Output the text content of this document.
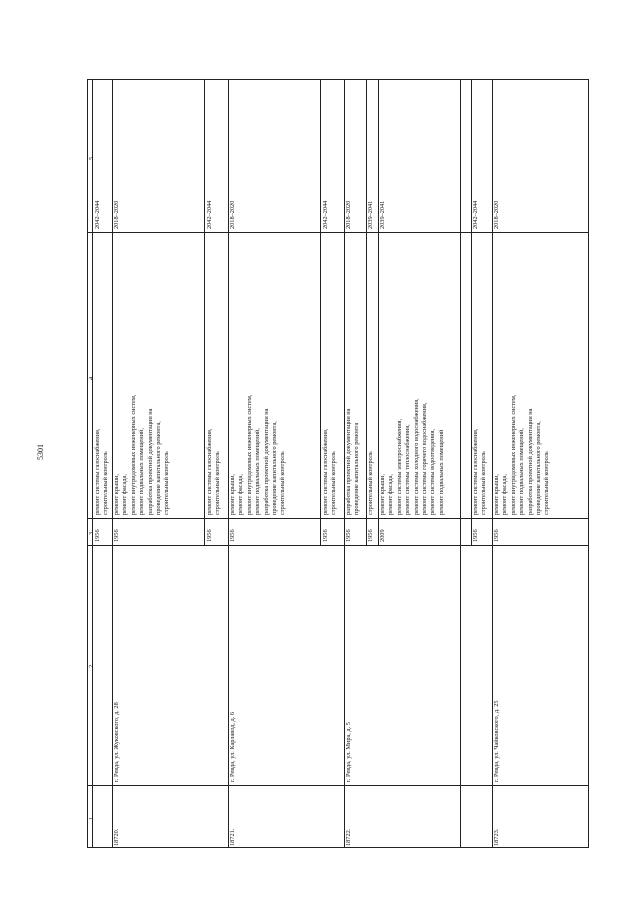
5301
5
4
3
2
1
1956
ремонт системы газоснабжения, строительный контроль
2042–2044
18720.
г. Ревда, ул. Жуковского, д. 28
1956
ремонт крыши, ремонт фасада, ремонт внутридомовых инженерных систем, ремонт подвальных помещений, разработка проектной документации на проведение капитального ремонта, строительный контроль
2018–2020
1956
ремонт системы газоснабжения, строительный контроль
2042–2044
18721.
г. Ревда, ул. Карлавод, д. 6
1956
ремонт крыши, ремонт фасада, ремонт внутридомовых инженерных систем, ремонт подвальных помещений, разработка проектной документации на проведение капитального ремонта, строительный контроль
2018–2020
1956
ремонт системы газоснабжения, строительный контроль
2042–2044
18722.
г. Ревда, ул. Мира, д. 5
1956
разработка проектной документации на проведение капитального ремонта
2018–2020
1956
строительный контроль
2039–2041
2009
ремонт крыши, ремонт фасада, ремонт системы электроснабжения, ремонт системы теплоснабжения, ремонт системы холодного водоснабжения, ремонт системы горячего водоснабжения, ремонт системы водоотведения, ремонт подвальных помещений
2039–2041
1956
ремонт системы газоснабжения, строительный контроль
2042–2044
18723.
г. Ревда, ул. Чайковского, д. 25
1956
ремонт крыши, ремонт фасада, ремонт внутридомовых инженерных систем, ремонт подвальных помещений, разработка проектной документации на проведение капитального ремонта, строительный контроль
2018–2020
